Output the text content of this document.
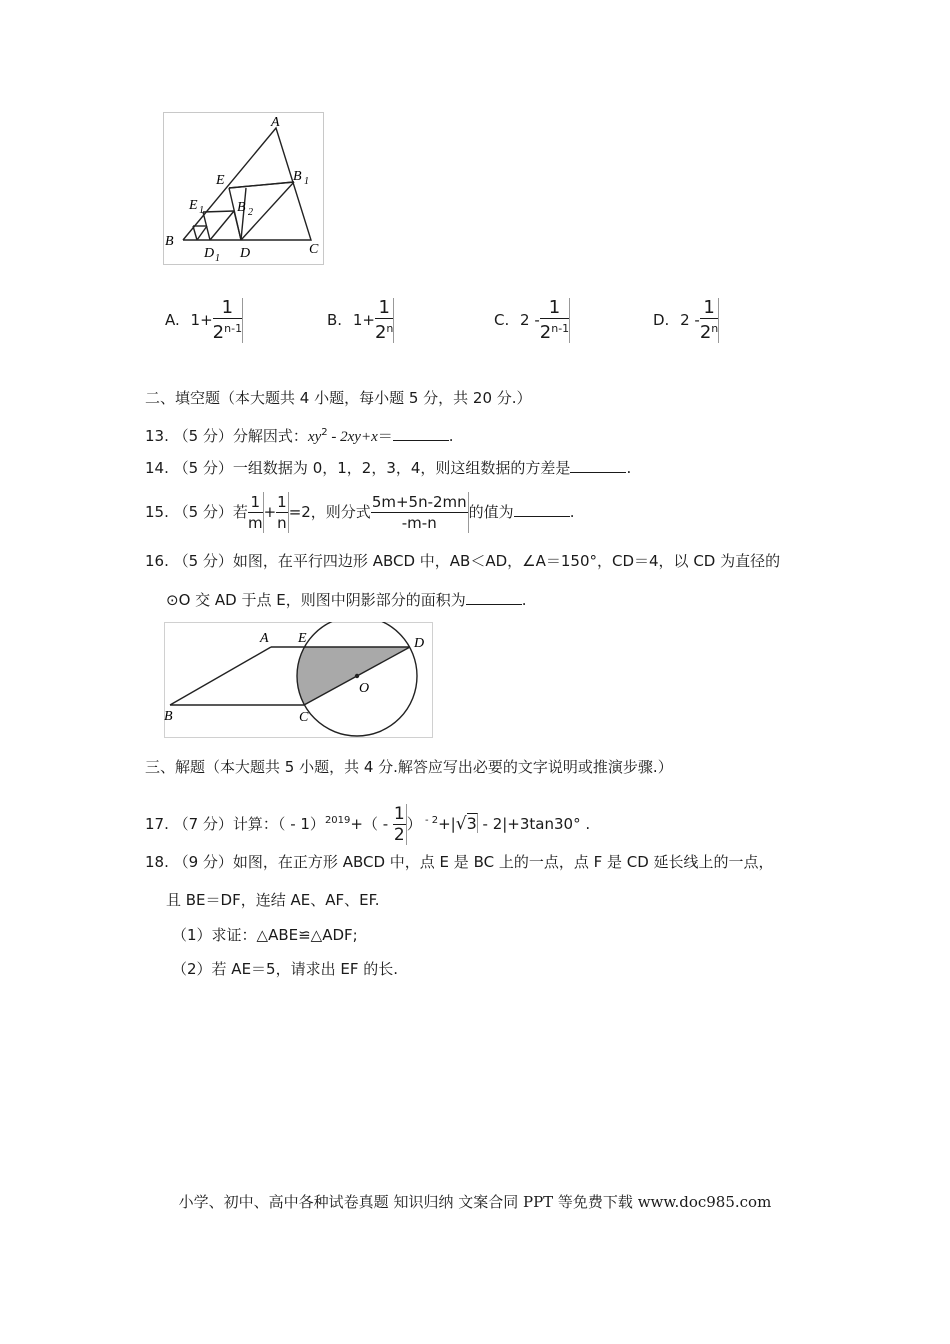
A
E	B 1
E 1 B 2
B
D 1 D	C
A. $1+ \frac{1}{2^{n-1}}$	B. $1+ \frac{1}{2^n}$	C. $2 - \frac{1}{2^{n-1}}$	D. $2 - \frac{1}{2^n}$
二、填空题（本大题共 4 小题，每小题 5 分，共 20 分.）
13. （5 分）分解因式：$xy^2 - 2xy+x=$	.
14. （5 分）一组数据为 0，1，2，3，4，则这组数据的方差是	.
15. （5 分）若 $\frac{1}{m} + \frac{1}{n} =2$，则分式 $\frac{5m+5n-2mn}{-m-n}$ 的值为	.
16. （5 分）如图，在平行四边形 ABCD 中，AB＜AD，∠A＝150°，CD＝4，以 CD 为直径的
⊙O 交 AD 于点 E，则图中阴影部分的面积为	.
A E	D
O
B	C
三、解题（本大题共 5 小题，共 4 分.解答应写出必要的文字说明或推演步骤.）
17. （7 分）计算：（ - $1)^{2019}+( - \frac{1}{2}$ ） $^{- 2}$+|√3 - 2|+3tan30° .
18. （9 分）如图，在正方形 ABCD 中，点 E 是 BC 上的一点，点 F 是 CD 延长线上的一点，
且 BE＝DF，连结 AE、AF、EF.
（1）求证：△ABE≌△ADF;
（2）若 AE＝5，请求出 EF 的长.
小学、初中、高中各种试卷真题 知识归纳 文案合同 PPT 等免费下载 www.doc985.com
